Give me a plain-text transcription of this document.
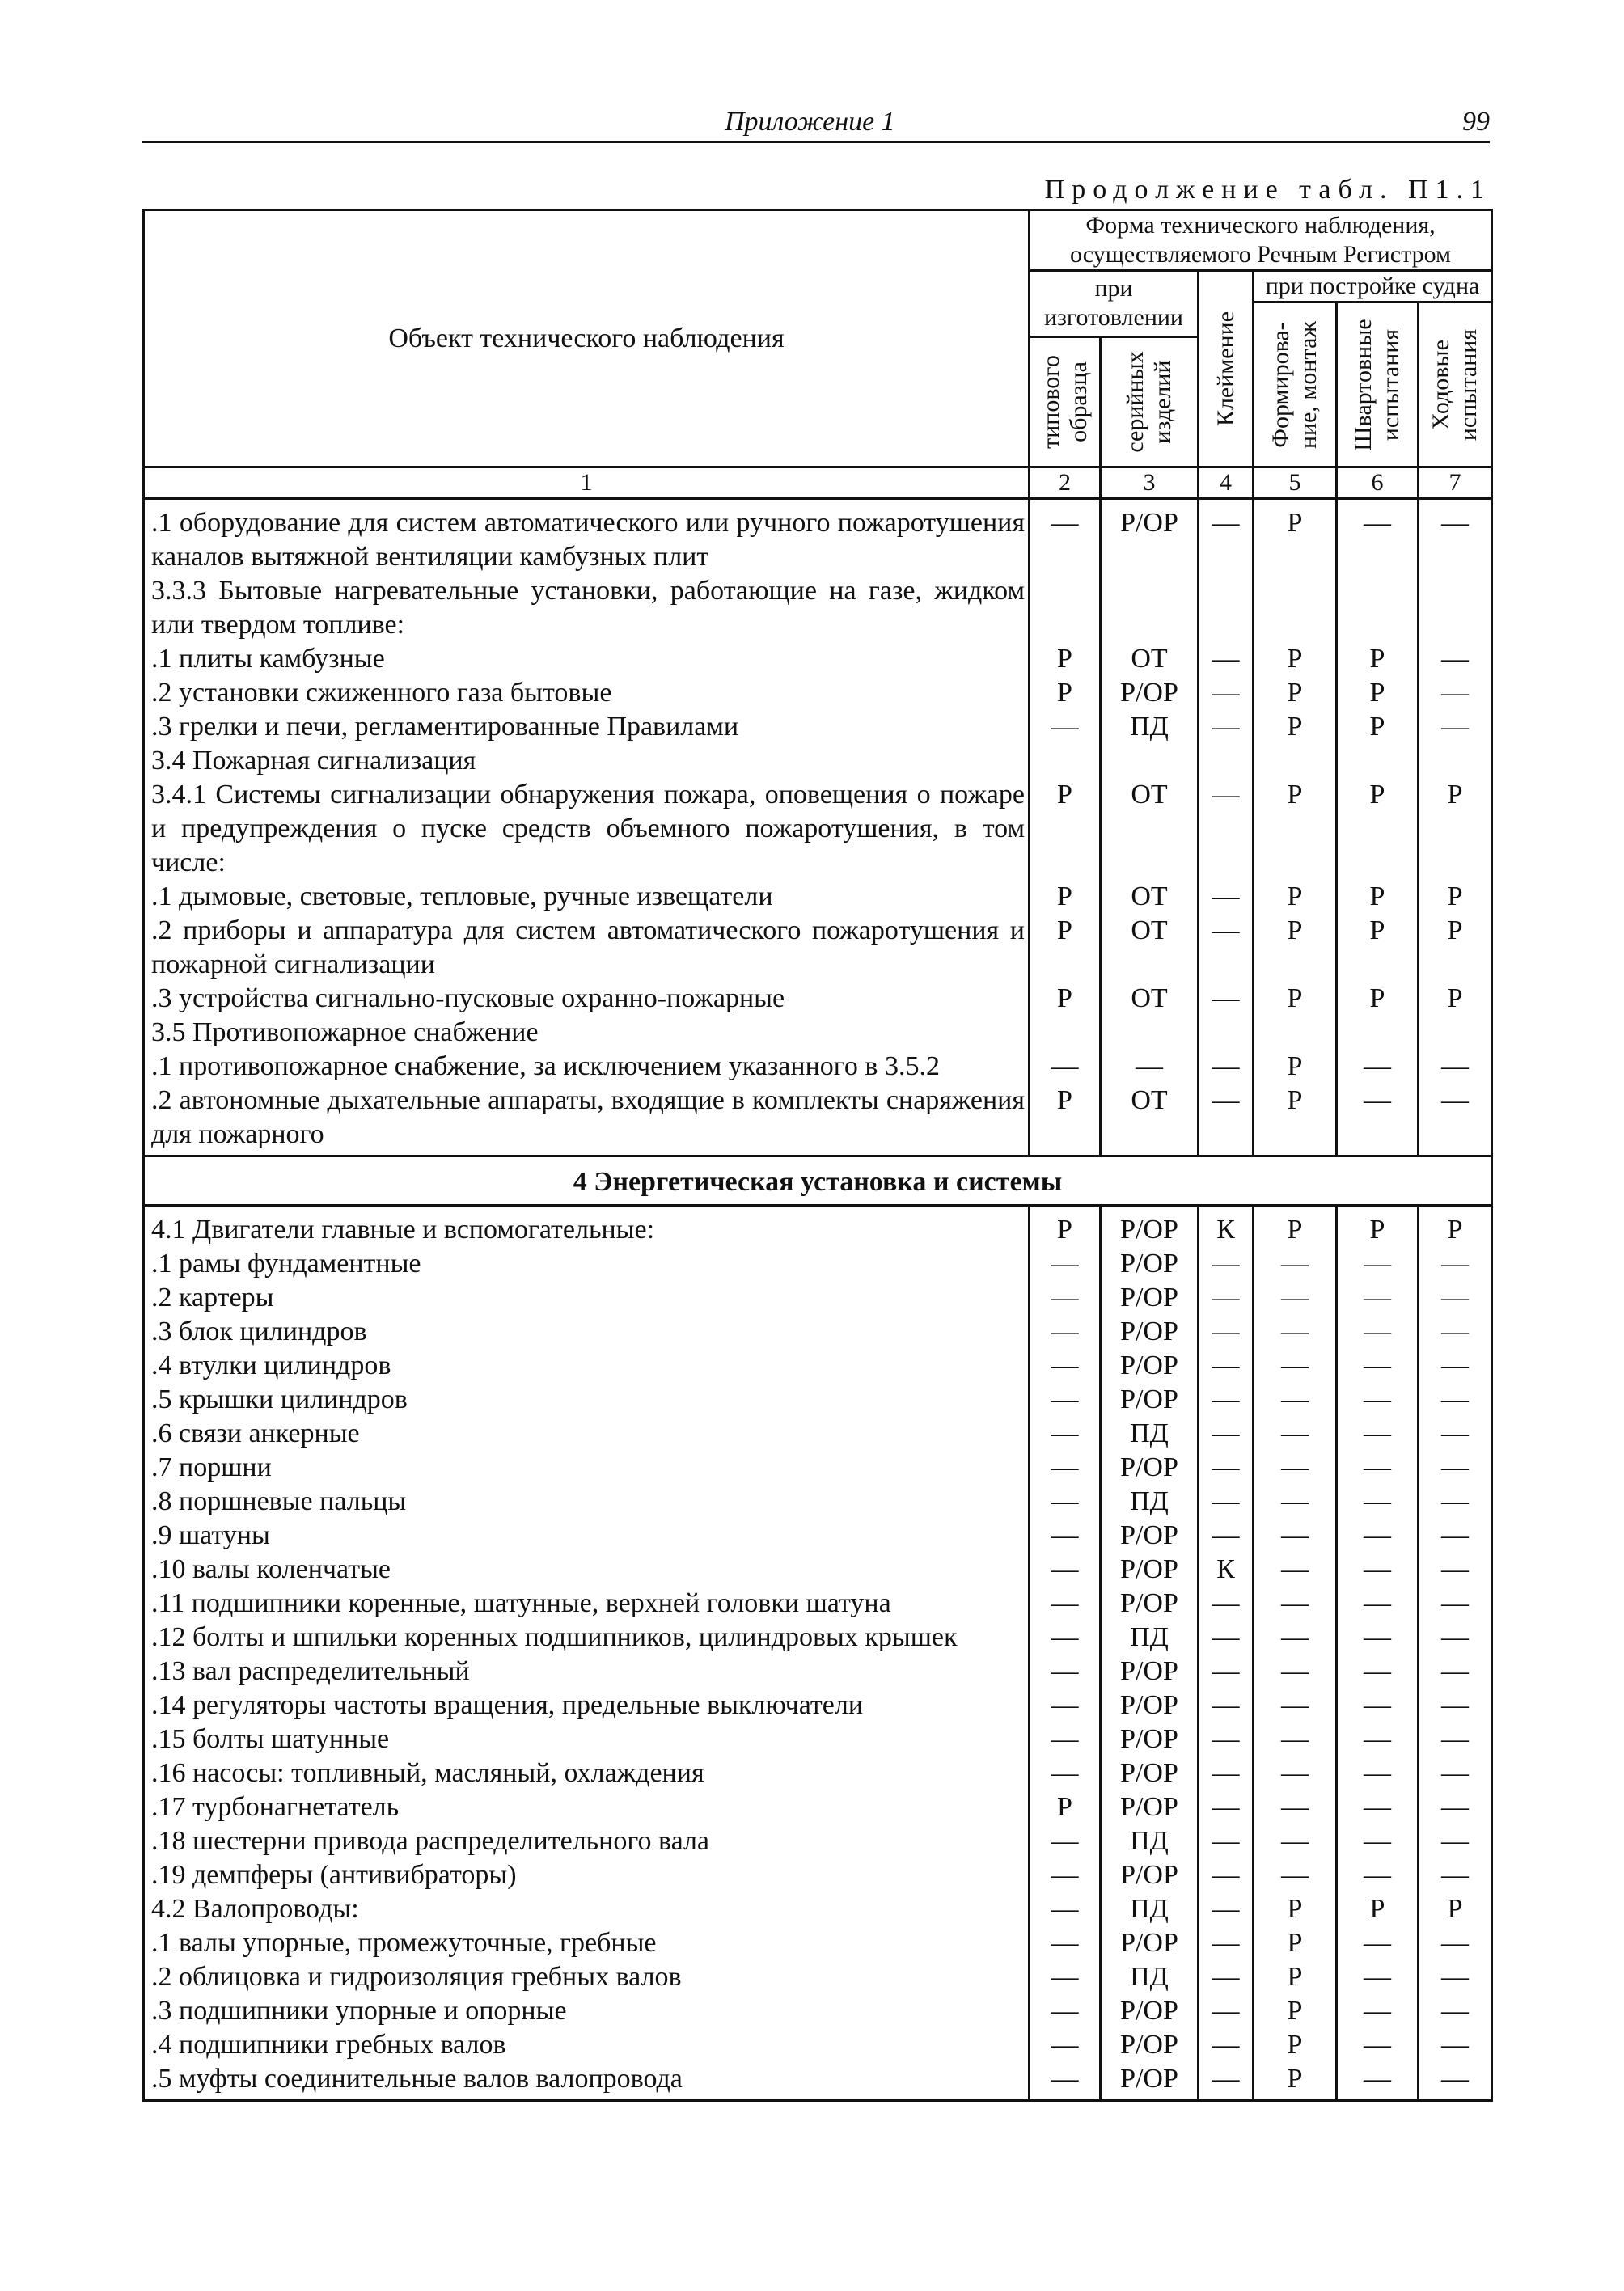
Приложение 1	99
Продолжение табл. П1.1
Объект технического наблюдения	Форма технического наблюдения, осуществляемого Речным Регистром					
	при изготовлении		Клеймение	при постройке судна		

				Формирова-ние, монтаж	Швартовные испытания	Ходовые испытания

	типового образца	серийных изделий				

1	2	3	4	5	6	7
.1 оборудование для систем автоматического или ручного пожаротушения каналов вытяжной вентиляции камбузных плит	—	Р/ОР	—	Р	—	—
3.3.3 Бытовые нагревательные установки, работающие на газе, жидком или твердом топливе:						
.1 плиты камбузные	Р	ОТ	—	Р	Р	—
.2 установки сжиженного газа бытовые	Р	Р/ОР	—	Р	Р	—
.3 грелки и печи, регламентированные Правилами	—	ПД	—	Р	Р	—
3.4 Пожарная сигнализация						
3.4.1 Системы сигнализации обнаружения пожара, оповещения о пожаре и предупреждения о пуске средств объемного пожаротушения, в том числе:	Р	ОТ	—	Р	Р	Р
.1 дымовые, световые, тепловые, ручные извещатели	Р	ОТ	—	Р	Р	Р
.2 приборы и аппаратура для систем автоматического пожаротушения и пожарной сигнализации	Р	ОТ	—	Р	Р	Р
.3 устройства сигнально-пусковые охранно-пожарные	Р	ОТ	—	Р	Р	Р
3.5 Противопожарное снабжение						
.1 противопожарное снабжение, за исключением указанного в 3.5.2	—	—	—	Р	—	—
.2 автономные дыхательные аппараты, входящие в комплекты снаряжения для пожарного	Р	ОТ	—	Р	—	—
4 Энергетическая установка и системы						
4.1 Двигатели главные и вспомогательные:	Р	Р/ОР	К	Р	Р	Р
.1 рамы фундаментные	—	Р/ОР	—	—	—	—
.2 картеры	—	Р/ОР	—	—	—	—
.3 блок цилиндров	—	Р/ОР	—	—	—	—
.4 втулки цилиндров	—	Р/ОР	—	—	—	—
.5 крышки цилиндров	—	Р/ОР	—	—	—	—
.6 связи анкерные	—	ПД	—	—	—	—
.7 поршни	—	Р/ОР	—	—	—	—
.8 поршневые пальцы	—	ПД	—	—	—	—
.9 шатуны	—	Р/ОР	—	—	—	—
.10 валы коленчатые	—	Р/ОР	К	—	—	—
.11 подшипники коренные, шатунные, верхней головки шатуна	—	Р/ОР	—	—	—	—
.12 болты и шпильки коренных подшипников, цилиндровых крышек	—	ПД	—	—	—	—
.13 вал распределительный	—	Р/ОР	—	—	—	—
.14 регуляторы частоты вращения, предельные выключатели	—	Р/ОР	—	—	—	—
.15 болты шатунные	—	Р/ОР	—	—	—	—
.16 насосы: топливный, масляный, охлаждения	—	Р/ОР	—	—	—	—
.17 турбонагнетатель	Р	Р/ОР	—	—	—	—
.18 шестерни привода распределительного вала	—	ПД	—	—	—	—
.19 демпферы (антивибраторы)	—	Р/ОР	—	—	—	—
4.2 Валопроводы:	—	ПД	—	Р	Р	Р
.1 валы упорные, промежуточные, гребные	—	Р/ОР	—	Р	—	—
.2 облицовка и гидроизоляция гребных валов	—	ПД	—	Р	—	—
.3 подшипники упорные и опорные	—	Р/ОР	—	Р	—	—
.4 подшипники гребных валов	—	Р/ОР	—	Р	—	—
.5 муфты соединительные валов валопровода	—	Р/ОР	—	Р	—	—
